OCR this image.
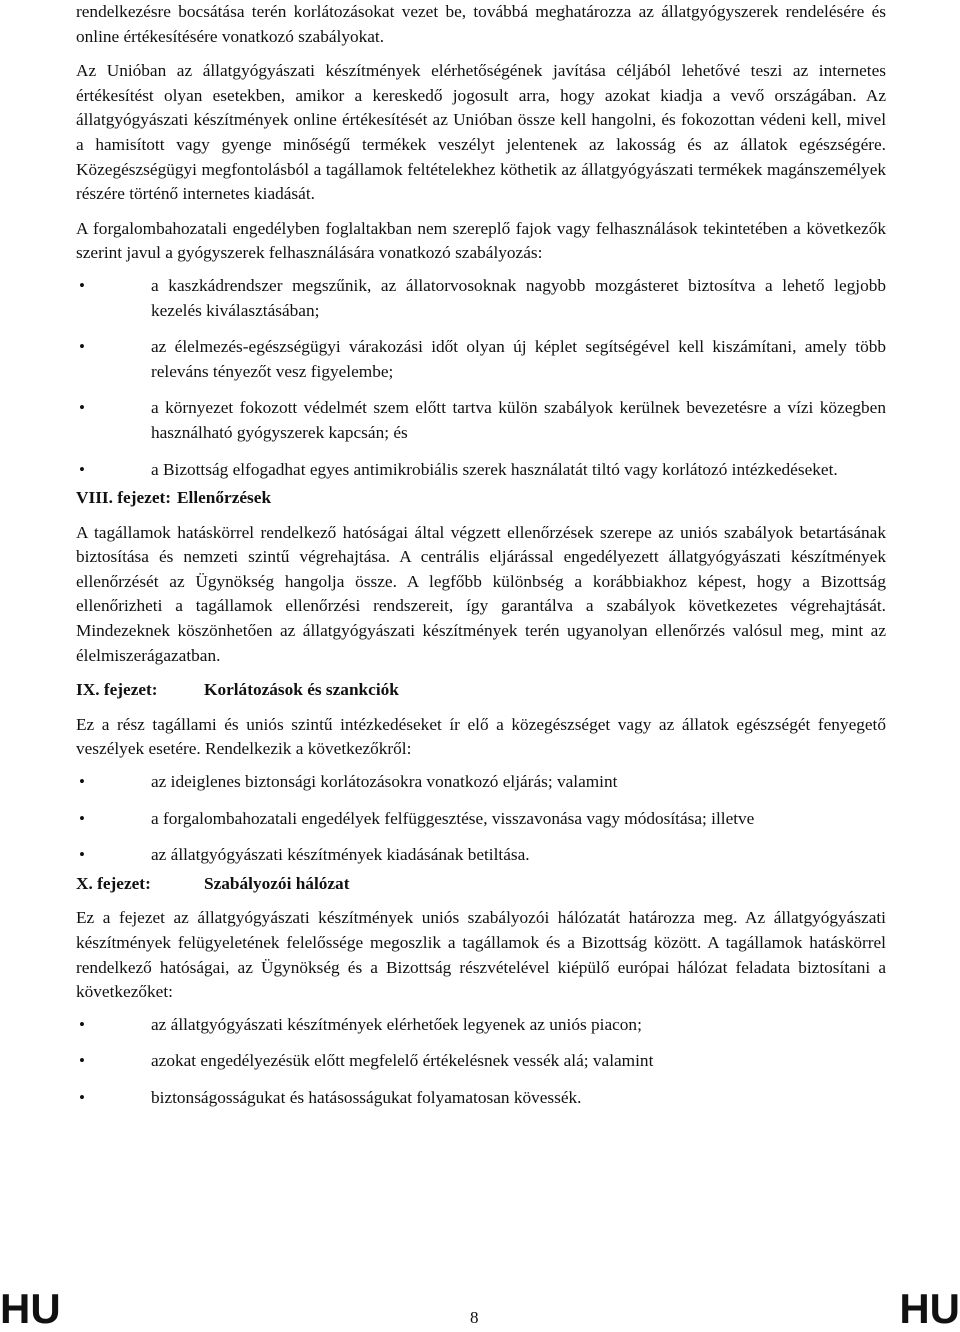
rendelkezésre bocsátása terén korlátozásokat vezet be, továbbá meghatározza az állatgyógyszerek rendelésére és online értékesítésére vonatkozó szabályokat.

Az Unióban az állatgyógyászati készítmények elérhetőségének javítása céljából lehetővé teszi az internetes értékesítést olyan esetekben, amikor a kereskedő jogosult arra, hogy azokat kiadja a vevő országában. Az állatgyógyászati készítmények online értékesítését az Unióban össze kell hangolni, és fokozottan védeni kell, mivel a hamisított vagy gyenge minőségű termékek veszélyt jelentenek az lakosság és az állatok egészségére. Közegészségügyi megfontolásból a tagállamok feltételekhez köthetik az állatgyógyászati termékek magánszemélyek részére történő internetes kiadását.

A forgalombahozatali engedélyben foglaltakban nem szereplő fajok vagy felhasználások tekintetében a következők szerint javul a gyógyszerek felhasználására vonatkozó szabályozás:

•	a kaszkádrendszer megszűnik, az állatorvosoknak nagyobb mozgásteret biztosítva a lehető legjobb kezelés kiválasztásában;
•	az élelmezés-egészségügyi várakozási időt olyan új képlet segítségével kell kiszámítani, amely több releváns tényezőt vesz figyelembe;
•	a környezet fokozott védelmét szem előtt tartva külön szabályok kerülnek bevezetésre a vízi közegben használható gyógyszerek kapcsán; és
•	a Bizottság elfogadhat egyes antimikrobiális szerek használatát tiltó vagy korlátozó intézkedéseket.
VIII. fejezet: Ellenőrzések

A tagállamok hatáskörrel rendelkező hatóságai által végzett ellenőrzések szerepe az uniós szabályok betartásának biztosítása és nemzeti szintű végrehajtása. A centrális eljárással engedélyezett állatgyógyászati készítmények ellenőrzését az Ügynökség hangolja össze. A legfőbb különbség a korábbiakhoz képest, hogy a Bizottság ellenőrizheti a tagállamok ellenőrzési rendszereit, így garantálva a szabályok következetes végrehajtását. Mindezeknek köszönhetően az állatgyógyászati készítmények terén ugyanolyan ellenőrzés valósul meg, mint az élelmiszerágazatban.

IX. fejezet:	Korlátozások és szankciók

Ez a rész tagállami és uniós szintű intézkedéseket ír elő a közegészséget vagy az állatok egészségét fenyegető veszélyek esetére. Rendelkezik a következőkről:

•	az ideiglenes biztonsági korlátozásokra vonatkozó eljárás; valamint
•	a forgalombahozatali engedélyek felfüggesztése, visszavonása vagy módosítása; illetve
•	az állatgyógyászati készítmények kiadásának betiltása.
X. fejezet:	Szabályozói hálózat

Ez a fejezet az állatgyógyászati készítmények uniós szabályozói hálózatát határozza meg. Az állatgyógyászati készítmények felügyeletének felelőssége megoszlik a tagállamok és a Bizottság között. A tagállamok hatáskörrel rendelkező hatóságai, az Ügynökség és a Bizottság részvételével kiépülő európai hálózat feladata biztosítani a következőket:

•	az állatgyógyászati készítmények elérhetőek legyenek az uniós piacon;
•	azokat engedélyezésük előtt megfelelő értékelésnek vessék alá; valamint
•	biztonságosságukat és hatásosságukat folyamatosan kövessék.
HU	8	HU
